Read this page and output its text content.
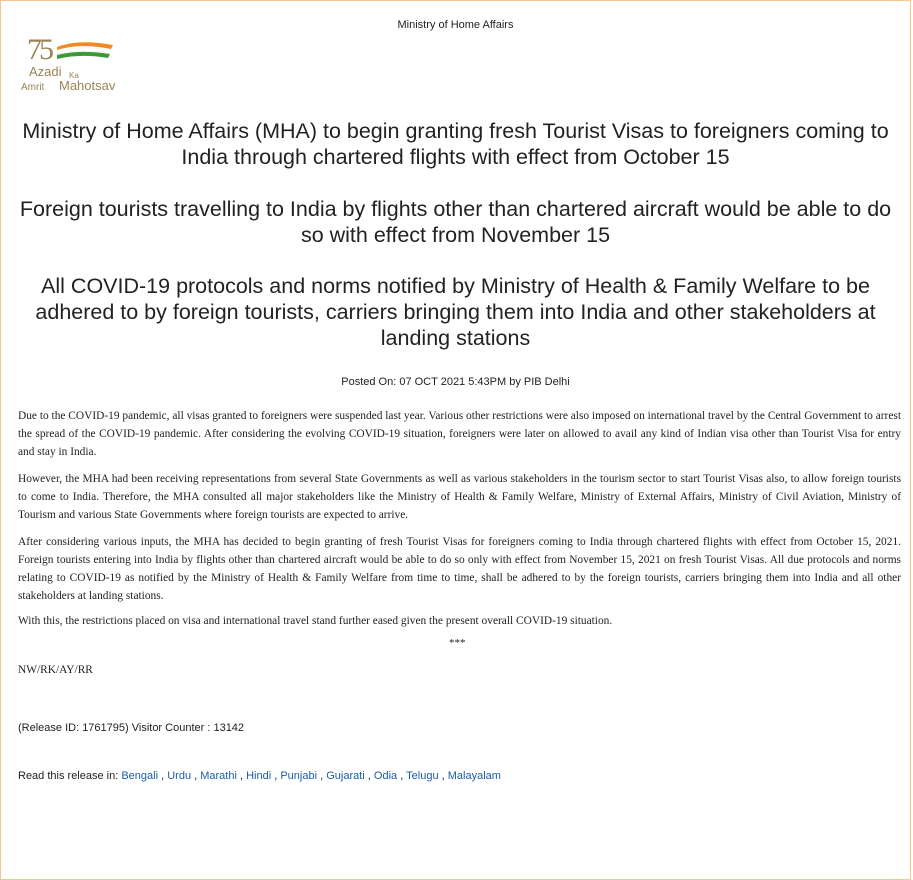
Ministry of Home Affairs
75
Azadi Ka
Amrit Mahotsav
Ministry of Home Affairs (MHA) to begin granting fresh Tourist Visas to foreigners coming to India through chartered flights with effect from October 15
Foreign tourists travelling to India by flights other than chartered aircraft would be able to do so with effect from November 15
All COVID-19 protocols and norms notified by Ministry of Health & Family Welfare to be adhered to by foreign tourists, carriers bringing them into India and other stakeholders at landing stations
Posted On: 07 OCT 2021 5:43PM by PIB Delhi

Due to the COVID-19 pandemic, all visas granted to foreigners were suspended last year. Various other restrictions were also imposed on international travel by the Central Government to arrest the spread of the COVID-19 pandemic. After considering the evolving COVID-19 situation, foreigners were later on allowed to avail any kind of Indian visa other than Tourist Visa for entry and stay in India.

However, the MHA had been receiving representations from several State Governments as well as various stakeholders in the tourism sector to start Tourist Visas also, to allow foreign tourists to come to India. Therefore, the MHA consulted all major stakeholders like the Ministry of Health & Family Welfare, Ministry of External Affairs, Ministry of Civil Aviation, Ministry of Tourism and various State Governments where foreign tourists are expected to arrive.

After considering various inputs, the MHA has decided to begin granting of fresh Tourist Visas for foreigners coming to India through chartered flights with effect from October 15, 2021. Foreign tourists entering into India by flights other than chartered aircraft would be able to do so only with effect from November 15, 2021 on fresh Tourist Visas. All due protocols and norms relating to COVID-19 as notified by the Ministry of Health & Family Welfare from time to time, shall be adhered to by the foreign tourists, carriers bringing them into India and all other stakeholders at landing stations.

With this, the restrictions placed on visa and international travel stand further eased given the present overall COVID-19 situation.

***
NW/RK/AY/RR
(Release ID: 1761795) Visitor Counter : 13142
Read this release in: Bengali , Urdu , Marathi , Hindi , Punjabi , Gujarati , Odia , Telugu , Malayalam
